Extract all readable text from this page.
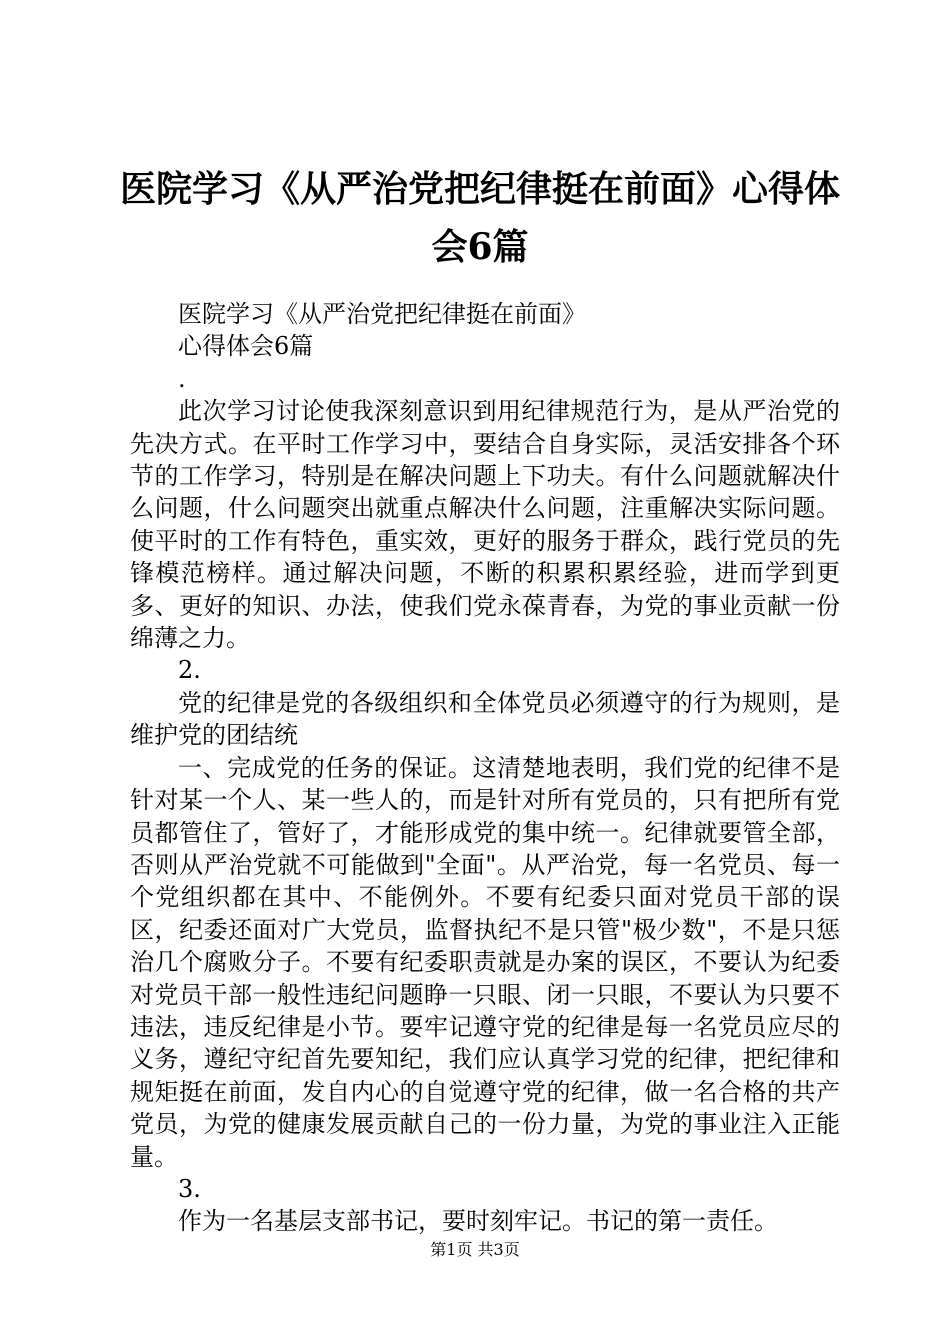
医院学习《从严治党把纪律挺在前面》心得体会6篇
医院学习《从严治党把纪律挺在前面》
心得体会6篇
.

此次学习讨论使我深刻意识到用纪律规范行为，是从严治党的先决方式。在平时工作学习中，要结合自身实际，灵活安排各个环节的工作学习，特别是在解决问题上下功夫。有什么问题就解决什么问题，什么问题突出就重点解决什么问题，注重解决实际问题。使平时的工作有特色，重实效，更好的服务于群众，践行党员的先锋模范榜样。通过解决问题，不断的积累积累经验，进而学到更多、更好的知识、办法，使我们党永葆青春，为党的事业贡献一份绵薄之力。

2.

党的纪律是党的各级组织和全体党员必须遵守的行为规则，是维护党的团结统

一、完成党的任务的保证。这清楚地表明，我们党的纪律不是针对某一个人、某一些人的，而是针对所有党员的，只有把所有党员都管住了，管好了，才能形成党的集中统一。纪律就要管全部，否则从严治党就不可能做到"全面"。从严治党，每一名党员、每一个党组织都在其中、不能例外。不要有纪委只面对党员干部的误区，纪委还面对广大党员，监督执纪不是只管"极少数"，不是只惩治几个腐败分子。不要有纪委职责就是办案的误区，不要认为纪委对党员干部一般性违纪问题睁一只眼、闭一只眼，不要认为只要不违法，违反纪律是小节。要牢记遵守党的纪律是每一名党员应尽的义务，遵纪守纪首先要知纪，我们应认真学习党的纪律，把纪律和规矩挺在前面，发自内心的自觉遵守党的纪律，做一名合格的共产党员，为党的健康发展贡献自己的一份力量，为党的事业注入正能量。

3.

作为一名基层支部书记，要时刻牢记。书记的第一责任。

第1页 共3页
